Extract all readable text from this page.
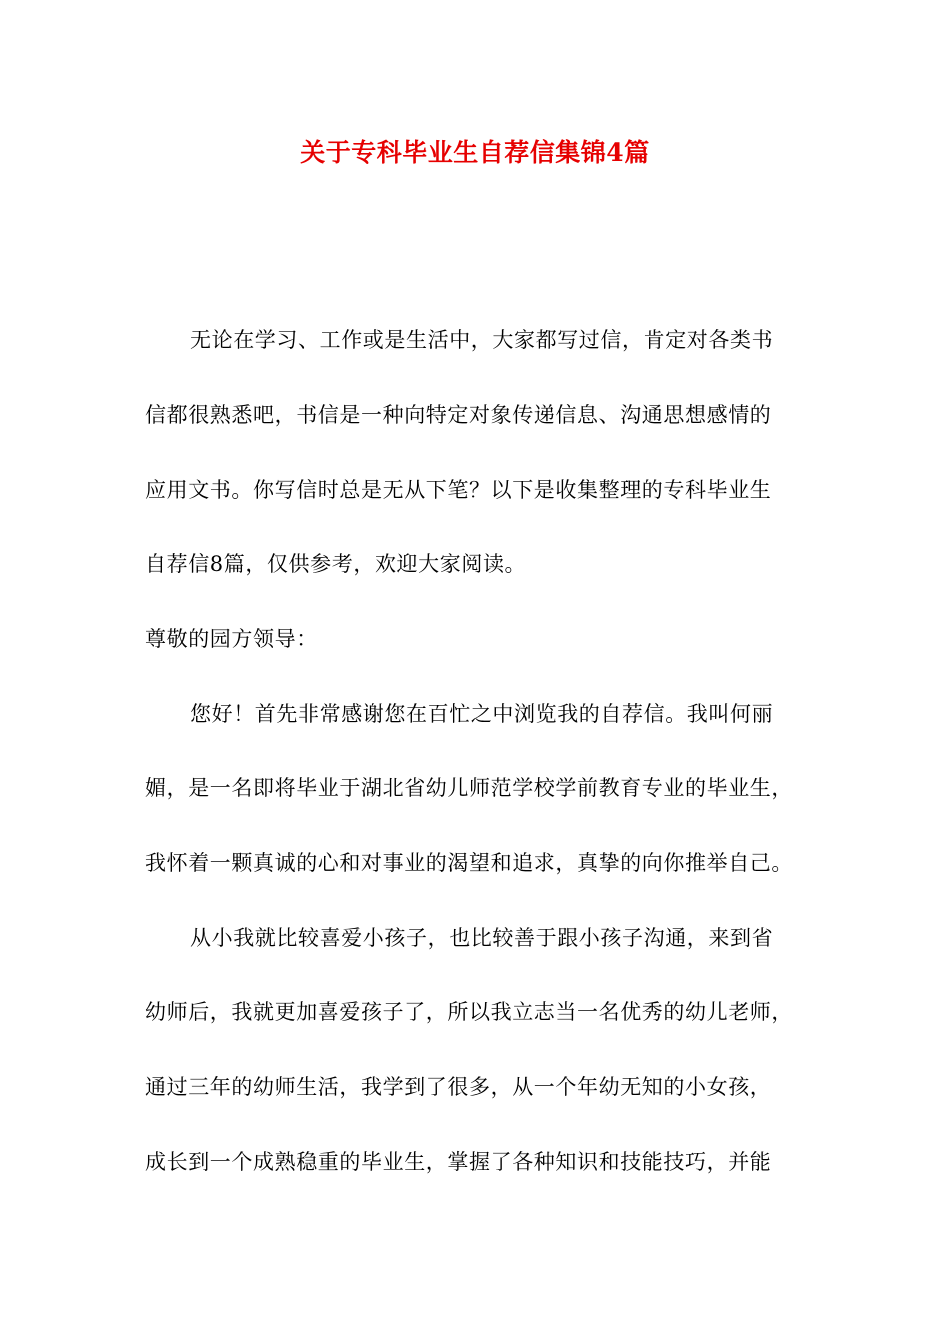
关于专科毕业生自荐信集锦4篇
无论在学习、工作或是生活中，大家都写过信，肯定对各类书
信都很熟悉吧，书信是一种向特定对象传递信息、沟通思想感情的
应用文书。你写信时总是无从下笔？以下是收集整理的专科毕业生
自荐信8篇，仅供参考，欢迎大家阅读。
尊敬的园方领导：
您好！首先非常感谢您在百忙之中浏览我的自荐信。我叫何丽
媚，是一名即将毕业于湖北省幼儿师范学校学前教育专业的毕业生，
我怀着一颗真诚的心和对事业的渴望和追求，真挚的向你推举自己。
从小我就比较喜爱小孩子，也比较善于跟小孩子沟通，来到省
幼师后，我就更加喜爱孩子了，所以我立志当一名优秀的幼儿老师，
通过三年的幼师生活，我学到了很多，从一个年幼无知的小女孩，
成长到一个成熟稳重的毕业生，掌握了各种知识和技能技巧，并能
